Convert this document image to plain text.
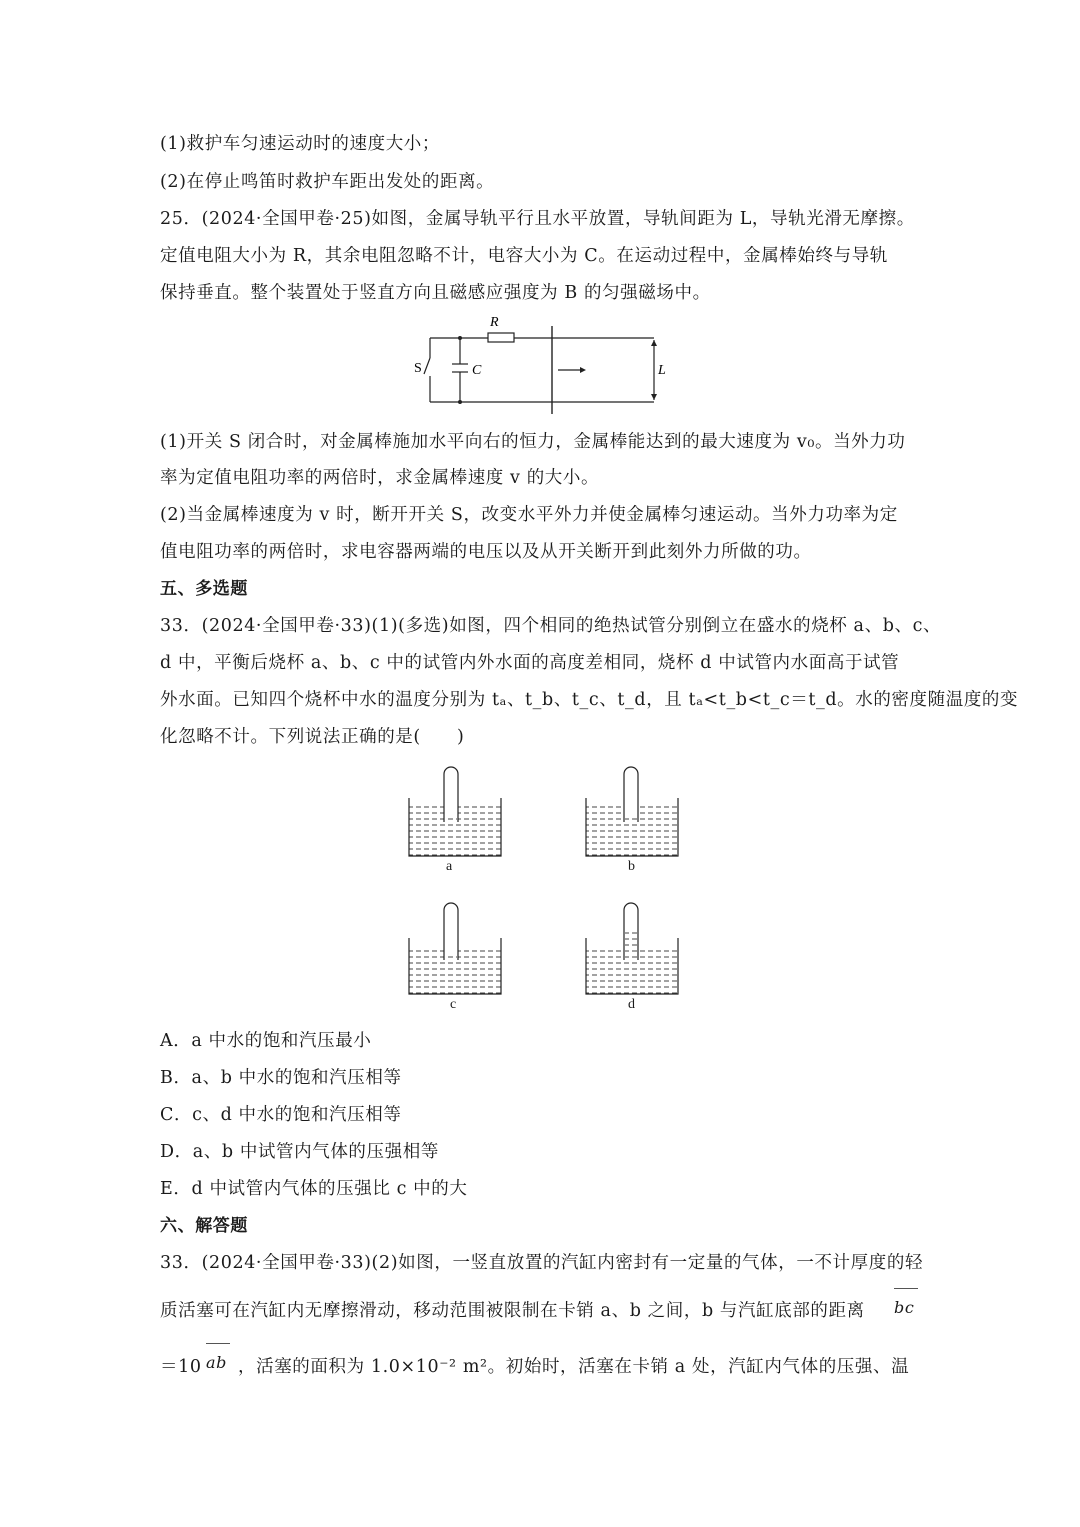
(1)救护车匀速运动时的速度大小；
(2)在停止鸣笛时救护车距出发处的距离。
25．(2024·全国甲卷·25)如图，金属导轨平行且水平放置，导轨间距为 L，导轨光滑无摩擦。
定值电阻大小为 R，其余电阻忽略不计，电容大小为 C。在运动过程中，金属棒始终与导轨
保持垂直。整个装置处于竖直方向且磁感应强度为 B 的匀强磁场中。
R
C
S	L
(1)开关 S 闭合时，对金属棒施加水平向右的恒力，金属棒能达到的最大速度为 v₀。当外力功
率为定值电阻功率的两倍时，求金属棒速度 v 的大小。
(2)当金属棒速度为 v 时，断开开关 S，改变水平外力并使金属棒匀速运动。当外力功率为定
值电阻功率的两倍时，求电容器两端的电压以及从开关断开到此刻外力所做的功。
五、多选题
33．(2024·全国甲卷·33)(1)(多选)如图，四个相同的绝热试管分别倒立在盛水的烧杯 a、b、c、
d 中，平衡后烧杯 a、b、c 中的试管内外水面的高度差相同，烧杯 d 中试管内水面高于试管
外水面。已知四个烧杯中水的温度分别为 tₐ、t_b、t_c、t_d，且 tₐ<t_b<t_c＝t_d。水的密度随温度的变
化忽略不计。下列说法正确的是(　　)
a	b
c	d
A．a 中水的饱和汽压最小
B．a、b 中水的饱和汽压相等
C．c、d 中水的饱和汽压相等
D．a、b 中试管内气体的压强相等
E．d 中试管内气体的压强比 c 中的大
六、解答题
33．(2024·全国甲卷·33)(2)如图，一竖直放置的汽缸内密封有一定量的气体，一不计厚度的轻
质活塞可在汽缸内无摩擦滑动，移动范围被限制在卡销 a、b 之间，b 与汽缸底部的距离 bc
＝10 ab ，活塞的面积为 1.0×10⁻² m²。初始时，活塞在卡销 a 处，汽缸内气体的压强、温
